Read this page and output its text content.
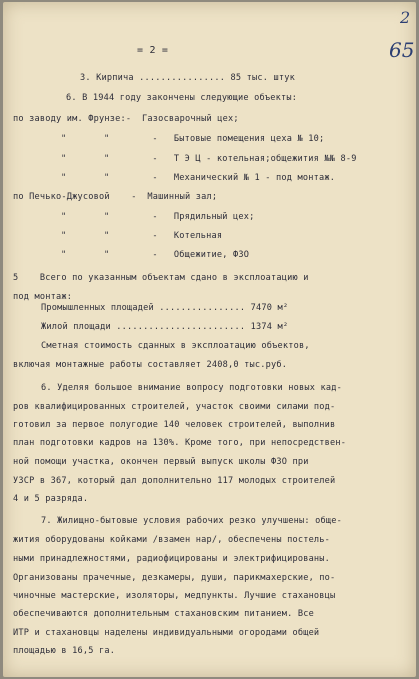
2
65
= 2 =
3. Кирпича ................ 85 тыс. штук
6. В 1944 году закончены следующие объекты:
по заводу им. Фрунзе:-  Газосварочный цех;
"       "        -   Бытовые помещения цеха № 10;
"       "        -   Т Э Ц - котельная;общежития №№ 8-9
"       "        -   Механический № 1 - под монтаж.
по Печько-Джусовой    -  Машинный зал;
"       "        -   Прядильный цех;
"       "        -   Котельная
"       "        -   Общежитие, ФЗО
5    Всего по указанным объектам сдано в эксплоатацию и
под монтаж:
Промышленных площадей ................ 7470 м²
Жилой площади ........................ 1374 м²
Сметная стоимость сданных в эксплоатацию объектов,
включая монтажные работы составляет 2408,0 тыс.руб.
6. Уделяя большое внимание вопросу подготовки новых кад-
ров квалифицированных строителей, участок своими силами под-
готовил за первое полугодие 140 человек строителей, выполнив
план подготовки кадров на 130%. Кроме того, при непосредствен-
ной помощи участка, окончен первый выпуск школы ФЗО при
УЗСР в 367, который дал дополнительно 117 молодых строителей
4 и 5 разряда.
7. Жилищно-бытовые условия рабочих резко улучшены: обще-
жития оборудованы койками /взамен нар/, обеспечены постель-
ными принадлежностями, радиофицированы и электрифицированы.
Организованы прачечные, дезкамеры, души, парикмахерские, по-
чиночные мастерские, изоляторы, медпункты. Лучшие стахановцы
обеспечиваются дополнительным стахановским питанием. Все
ИТР и стахановцы наделены индивидуальными огородами общей
площадью в 16,5 га.
